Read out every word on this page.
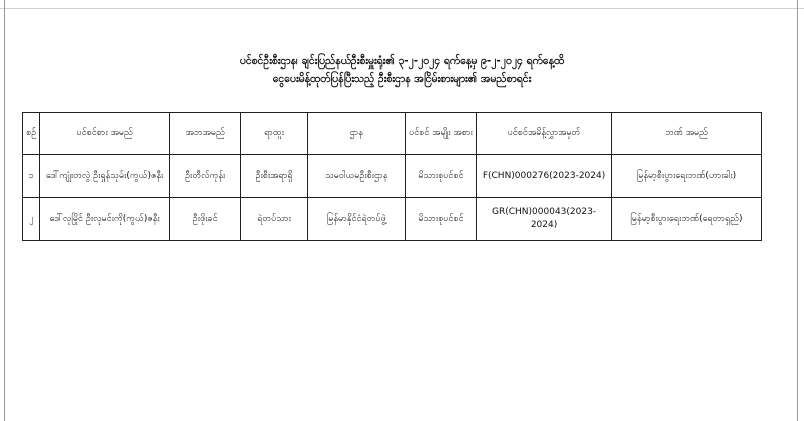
ပင်စင်ဦးစီးဌာန၊ ချင်းပြည်နယ်ဦးစီးမှူးရုံး၏ ၃-၂-၂၀၂၄ ရက်နေ့မှ ၉-၂-၂၀၂၄ ရက်နေ့ထိ
ငွေပေးမိန့်ထုတ်ပြန်ပြီးသည့် ဦးစီးဌာန အငြိမ်းစားများ၏ အမည်စာရင်း
စဉ်	ပင်စင်စား အမည်	အဘအမည်	ရာထူး	ဌာန	ပင်စင် အမျိုး အစား	ပင်စင်အမိန့်လွှာအမှတ်	ဘဏ် အမည်
၁	ဒေါ်ကျုံးတလွဲ ဦးရှုန်သုမ်း(ကွယ်)ဇနီး	ဦးတီလ်ကုန်း	ဦးစီးအရာရှိ	သမဝါယမဦးစီးဌာန	မိသားစုပင်စင်	F(CHN)000276(2023-2024)	မြန်မာ့စီးပွားရေးဘဏ်(ဟားခါး)
၂	ဒေါ်လုမြိုင် ဦးလုမင်းကို(ကွယ်)ဇနီး	ဦးဖိုးခင်	ရဲတပ်သား	မြန်မာနိုင်ငံရဲတပ်ဖွဲ့	မိသားစုပင်စင်	GR(CHN)000043(2023-2024)	မြန်မာ့စီးပွားရေးဘဏ်(ရေတာရှည်)
